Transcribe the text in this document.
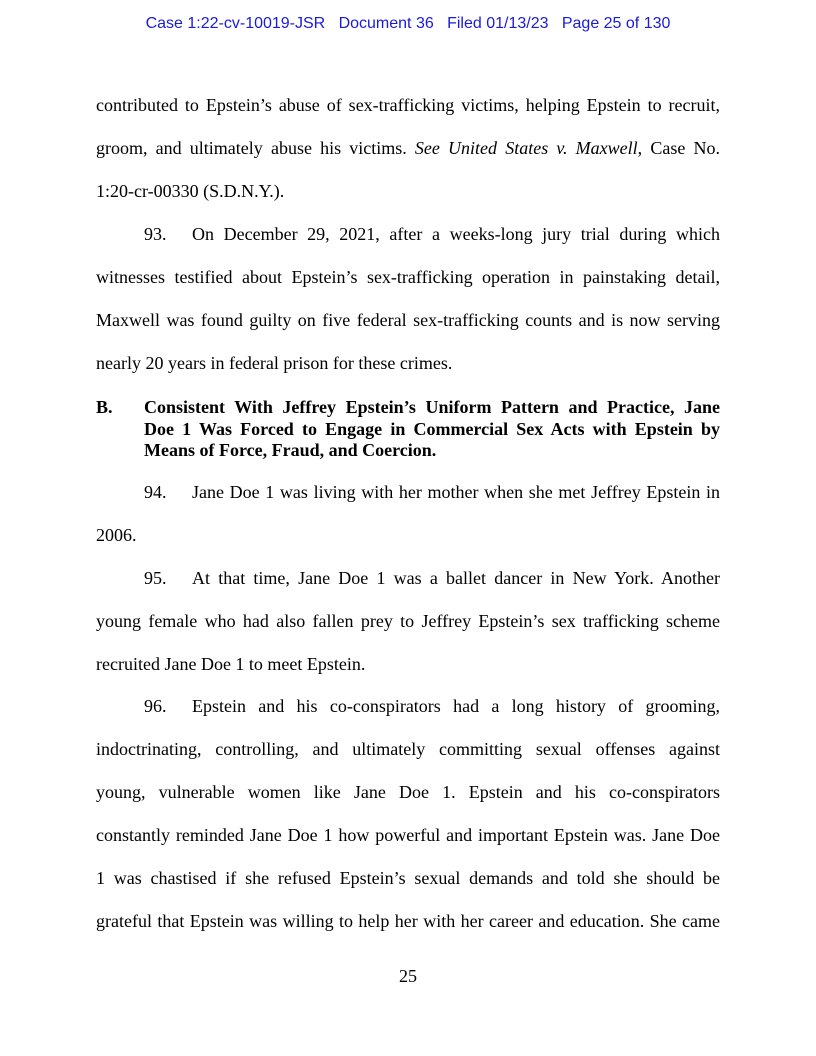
Case 1:22-cv-10019-JSR Document 36 Filed 01/13/23 Page 25 of 130

contributed to Epstein’s abuse of sex-trafficking victims, helping Epstein to recruit,
groom, and ultimately abuse his victims. See United States v. Maxwell, Case No.
1:20-cr-00330 (S.D.N.Y.).

93. On December 29, 2021, after a weeks-long jury trial during which
witnesses testified about Epstein’s sex-trafficking operation in painstaking detail,
Maxwell was found guilty on five federal sex-trafficking counts and is now serving
nearly 20 years in federal prison for these crimes.

B. Consistent With Jeffrey Epstein’s Uniform Pattern and Practice, Jane
Doe 1 Was Forced to Engage in Commercial Sex Acts with Epstein by
Means of Force, Fraud, and Coercion.

94. Jane Doe 1 was living with her mother when she met Jeffrey Epstein in
2006.

95. At that time, Jane Doe 1 was a ballet dancer in New York. Another
young female who had also fallen prey to Jeffrey Epstein’s sex trafficking scheme
recruited Jane Doe 1 to meet Epstein.

96. Epstein and his co-conspirators had a long history of grooming,
indoctrinating, controlling, and ultimately committing sexual offenses against
young, vulnerable women like Jane Doe 1. Epstein and his co-conspirators
constantly reminded Jane Doe 1 how powerful and important Epstein was. Jane Doe
1 was chastised if she refused Epstein’s sexual demands and told she should be
grateful that Epstein was willing to help her with her career and education. She came

25
